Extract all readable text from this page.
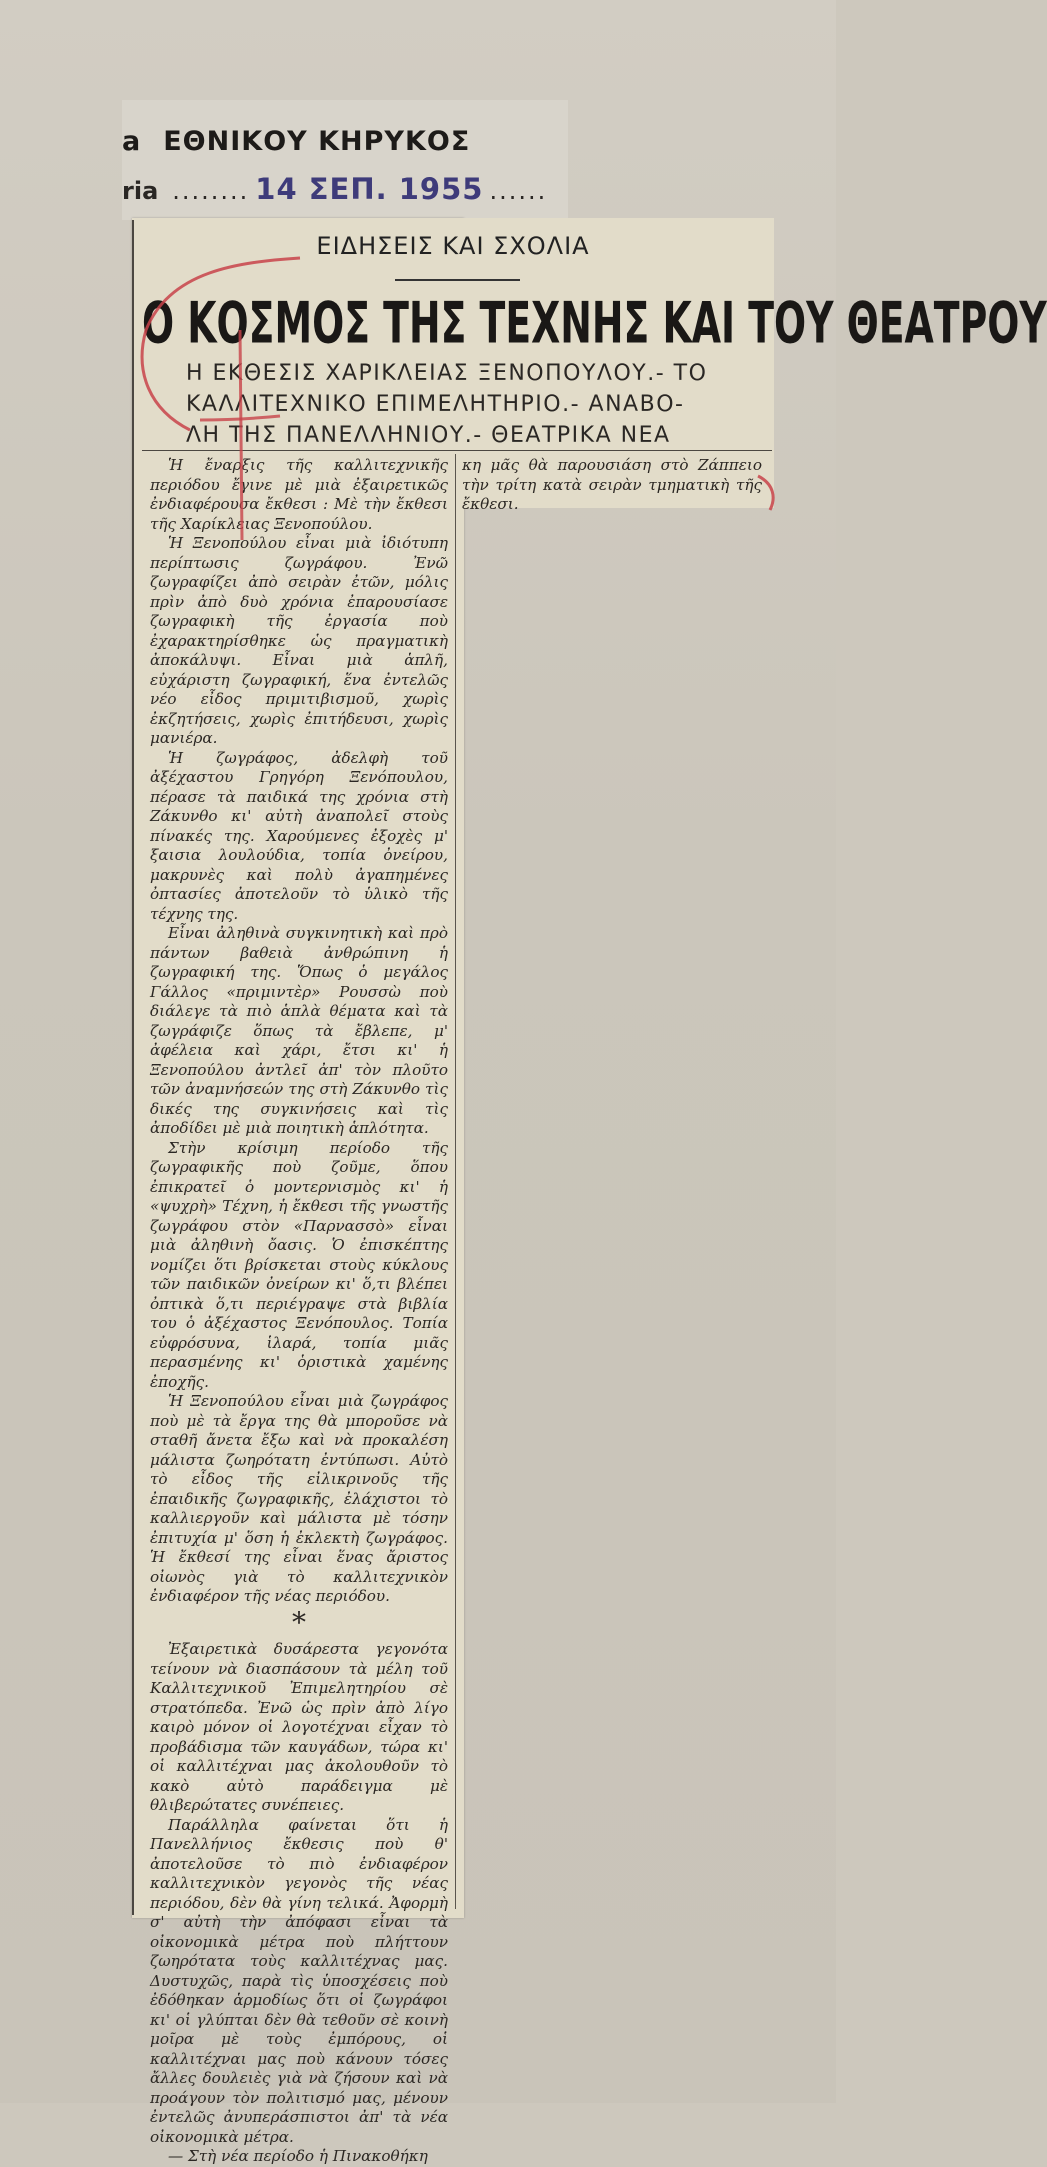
a ΕΘΝΙΚΟΥ ΚΗΡΥΚΟΣ
ria ........ 14 ΣΕΠ. 1955 ......
ΕΙΔΗΣΕΙΣ ΚΑΙ ΣΧΟΛΙΑ
Ο ΚΟΣΜΟΣ ΤΗΣ ΤΕΧΝΗΣ ΚΑΙ ΤΟΥ ΘΕΑΤΡΟΥ

Η ΕΚΘΕΣΙΣ ΧΑΡΙΚΛΕΙΑΣ ΞΕΝΟΠΟΥΛΟΥ.- ΤΟ

ΚΑΛΛΙΤΕΧΝΙΚΟ ΕΠΙΜΕΛΗΤΗΡΙΟ.- ΑΝΑΒΟ-

ΛΗ ΤΗΣ ΠΑΝΕΛΛΗΝΙΟΥ.- ΘΕΑΤΡΙΚΑ ΝΕΑ

Ἡ ἔναρξις τῆς καλλιτεχνικῆς περιόδου ἔγινε μὲ μιὰ ἐξαιρετικῶς ἐνδιαφέρουσα ἔκθεσι : Μὲ τὴν ἔκθεσι τῆς Χαρίκλειας Ξενοπούλου.

Ἡ Ξενοπούλου εἶναι μιὰ ἰδιότυπη περίπτωσις ζωγράφου. Ἐνῶ ζωγραφίζει ἀπὸ σειρὰν ἐτῶν, μόλις πρὶν ἀπὸ δυὸ χρόνια ἐπαρουσίασε ζωγραφικὴ τῆς ἐργασία ποὺ ἐχαρακτηρίσθηκε ὡς πραγματικὴ ἀποκάλυψι. Εἶναι μιὰ ἁπλῆ, εὐχάριστη ζωγραφική, ἕνα ἐντελῶς νέο εἶδος πριμιτιβισμοῦ, χωρὶς ἐκζητήσεις, χωρὶς ἐπιτήδευσι, χωρὶς μανιέρα.

Ἡ ζωγράφος, ἀδελφὴ τοῦ ἀξέχαστου Γρηγόρη Ξενόπουλου, πέρασε τὰ παιδικά της χρόνια στὴ Ζάκυνθο κι' αὐτὴ ἀναπολεῖ στοὺς πίνακές της. Χαρούμενες ἐξοχὲς μ' ξαισια λουλούδια, τοπία ὀνείρου, μακρυνὲς καὶ πολὺ ἀγαπημένες ὀπτασίες ἀποτελοῦν τὸ ὑλικὸ τῆς τέχνης της.

Εἶναι ἀληθινὰ συγκινητικὴ καὶ πρὸ πάντων βαθειὰ ἀνθρώπινη ἡ ζωγραφική της. Ὅπως ὁ μεγάλος Γάλλος «πριμιντὲρ» Ρουσσὼ ποὺ διάλεγε τὰ πιὸ ἁπλὰ θέματα καὶ τὰ ζωγράφιζε ὅπως τὰ ἔβλεπε, μ' ἀφέλεια καὶ χάρι, ἔτσι κι' ἡ Ξενοπούλου ἀντλεῖ ἀπ' τὸν πλοῦτο τῶν ἀναμνήσεών της στὴ Ζάκυνθο τὶς δικές της συγκινήσεις καὶ τὶς ἀποδίδει μὲ μιὰ ποιητικὴ ἁπλότητα.

Στὴν κρίσιμη περίοδο τῆς ζωγραφικῆς ποὺ ζοῦμε, ὅπου ἐπικρατεῖ ὁ μοντερνισμὸς κι' ἡ «ψυχρὴ» Τέχνη, ἡ ἔκθεσι τῆς γνωστῆς ζωγράφου στὸν «Παρνασσὸ» εἶναι μιὰ ἀληθινὴ ὄασις. Ὁ ἐπισκέπτης νομίζει ὅτι βρίσκεται στοὺς κύκλους τῶν παιδικῶν ὀνείρων κι' ὅ,τι βλέπει ὀπτικὰ ὅ,τι περιέγραψε στὰ βιβλία του ὁ ἀξέχαστος Ξενόπουλος. Τοπία εὐφρόσυνα, ἱλαρά, τοπία μιᾶς περασμένης κι' ὁριστικὰ χαμένης ἐποχῆς.

Ἡ Ξενοπούλου εἶναι μιὰ ζωγράφος ποὺ μὲ τὰ ἔργα της θὰ μποροῦσε νὰ σταθῆ ἄνετα ἔξω καὶ νὰ προκαλέση μάλιστα ζωηρότατη ἐντύπωσι. Αὐτὸ τὸ εἶδος τῆς εἰλικρινοῦς τῆς ἐπαιδικῆς ζωγραφικῆς, ἐλάχιστοι τὸ καλλιεργοῦν καὶ μάλιστα μὲ τόσην ἐπιτυχία μ' ὅση ἡ ἐκλεκτὴ ζωγράφος. Ἡ ἔκθεσί της εἶναι ἕνας ἄριστος οἰωνὸς γιὰ τὸ καλλιτεχνικὸν ἐνδιαφέρον τῆς νέας περιόδου.

*

Ἐξαιρετικὰ δυσάρεστα γεγονότα τείνουν νὰ διασπάσουν τὰ μέλη τοῦ Καλλιτεχνικοῦ Ἐπιμελητηρίου σὲ στρατόπεδα. Ἐνῶ ὡς πρὶν ἀπὸ λίγο καιρὸ μόνον οἱ λογοτέχναι εἶχαν τὸ προβάδισμα τῶν καυγάδων, τώρα κι' οἱ καλλιτέχναι μας ἀκολουθοῦν τὸ κακὸ αὐτὸ παράδειγμα μὲ θλιβερώτατες συνέπειες.

Παράλληλα φαίνεται ὅτι ἡ Πανελλήνιος ἔκθεσις ποὺ θ' ἀποτελοῦσε τὸ πιὸ ἐνδιαφέρον καλλιτεχνικὸν γεγονὸς τῆς νέας περιόδου, δὲν θὰ γίνη τελικά. Ἀφορμὴ σ' αὐτὴ τὴν ἀπόφασι εἶναι τὰ οἰκονομικὰ μέτρα ποὺ πλήττουν ζωηρότατα τοὺς καλλιτέχνας μας. Δυστυχῶς, παρὰ τὶς ὑποσχέσεις ποὺ ἐδόθηκαν ἁρμοδίως ὅτι οἱ ζωγράφοι κι' οἱ γλύπται δὲν θὰ τεθοῦν σὲ κοινὴ μοῖρα μὲ τοὺς ἐμπόρους, οἱ καλλιτέχναι μας ποὺ κάνουν τόσες ἄλλες δουλειὲς γιὰ νὰ ζήσουν καὶ νὰ προάγουν τὸν πολιτισμό μας, μένουν ἐντελῶς ἀνυπεράσπιστοι ἀπ' τὰ νέα οἰκονομικὰ μέτρα.

— Στὴ νέα περίοδο ἡ Πινακοθήκη

κη μᾶς θὰ παρουσιάση στὸ Ζάππειο τὴν τρίτη κατὰ σειρὰν τμηματικὴ τῆς ἔκθεσι.
